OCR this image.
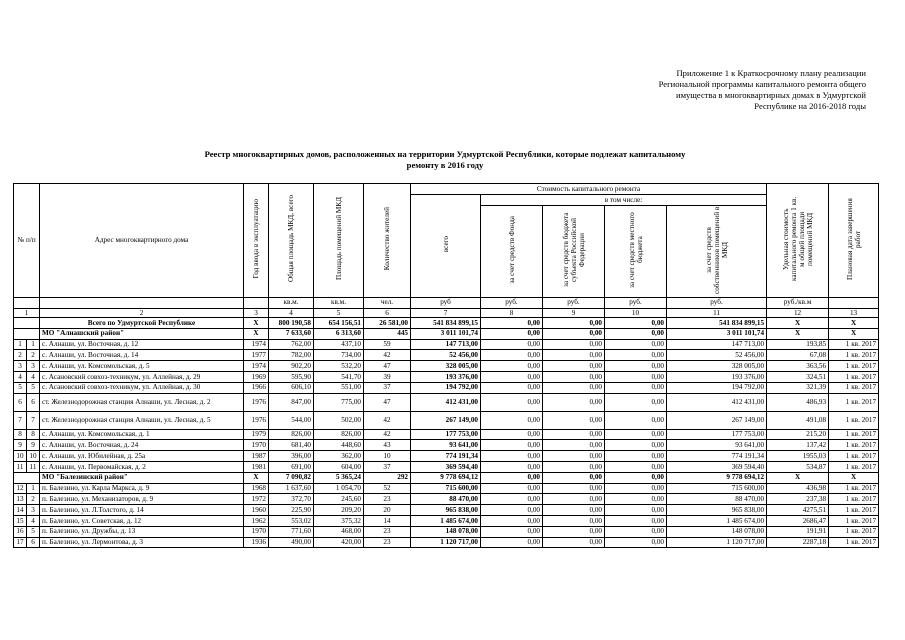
Приложение 1 к Краткосрочному плану реализации
Региональной программы капитального ремонта общего
имущества в многоквартирных домах в Удмуртской
Республике на 2016-2018 годы
Реестр многоквартирных домов, расположенных на территории Удмуртской Республики, которые подлежат капитальному
ремонту в 2016 году
№ п/п		Адрес многоквартирного дома	Год ввода в эксплуатацию	Общая площадь МКД, всего	Площадь помещений МКД	Количество жителей	Стоимость капитального ремонта					Удельная стоимость капитального ремонта 1 кв. м общей площади помещений МКД	Плановая дата завершения работ
							всего	в том числе:					
								за счет средств Фонда	за счет средств бюджета субъекта Российской Федерации	за счет средств местного бюджета	за счет средств собственников помещений в МКД		
				кв.м.	кв.м.	чел.	руб	руб.	руб.	руб.	руб.	руб./кв.м	
1		2	3	4	5	6	7	8	9	10	11	12	13
		Всего по Удмуртской Республике	Х	800 190,58	654 156,51	26 581,00	541 834 899,15	0,00	0,00	0,00	541 834 899,15	Х	Х
		МО "Алнашский район"	Х	7 633,60	6 313,60	445	3 011 101,74	0,00	0,00	0,00	3 011 101,74	Х	Х
1	1	с. Алнаши, ул. Восточная, д. 12	1974	762,00	437,10	59	147 713,00	0,00	0,00	0,00	147 713,00	193,85	1 кв. 2017
2	2	с. Алнаши, ул. Восточная, д. 14	1977	782,00	734,00	42	52 456,00	0,00	0,00	0,00	52 456,00	67,08	1 кв. 2017
3	3	с. Алнаши, ул. Комсомольская, д. 5	1974	902,20	532,20	47	328 005,00	0,00	0,00	0,00	328 005,00	363,56	1 кв. 2017
4	4	с. Асановский совхоз-техникум, ул. Аллейная, д. 29	1969	595,90	541,70	39	193 376,00	0,00	0,00	0,00	193 376,00	324,51	1 кв. 2017
5	5	с. Асановский совхоз-техникум, ул. Аллейная, д. 30	1966	606,10	551,00	37	194 792,00	0,00	0,00	0,00	194 792,00	321,39	1 кв. 2017
6	6	ст. Железнодорожная станция Алнаши, ул. Лесная, д. 2	1976	847,00	775,00	47	412 431,00	0,00	0,00	0,00	412 431,00	486,93	1 кв. 2017
7	7	ст. Железнодорожная станция Алнаши, ул. Лесная, д. 5	1976	544,00	502,00	42	267 149,00	0,00	0,00	0,00	267 149,00	491,08	1 кв. 2017
8	8	с. Алнаши, ул. Комсомольская, д. 1	1979	826,00	826,00	42	177 753,00	0,00	0,00	0,00	177 753,00	215,20	1 кв. 2017
9	9	с. Алнаши, ул. Восточная, д. 24	1970	681,40	448,60	43	93 641,00	0,00	0,00	0,00	93 641,00	137,42	1 кв. 2017
10	10	с. Алнаши, ул. Юбилейная, д. 25а	1987	396,00	362,00	10	774 191,34	0,00	0,00	0,00	774 191,34	1955,03	1 кв. 2017
11	11	с. Алнаши, ул. Первомайская, д. 2	1981	691,00	604,00	37	369 594,40	0,00	0,00	0,00	369 594,40	534,87	1 кв. 2017
		МО "Балезинский район"	Х	7 090,82	5 365,24	292	9 778 694,12	0,00	0,00	0,00	9 778 694,12	Х	Х
12	1	п. Балезино, ул. Карла Маркса, д. 9	1968	1 637,60	1 054,70	52	715 600,00	0,00	0,00	0,00	715 600,00	436,98	1 кв. 2017
13	2	п. Балезино, ул. Механизаторов, д. 9	1972	372,70	245,60	23	88 470,00	0,00	0,00	0,00	88 470,00	237,38	1 кв. 2017
14	3	п. Балезино, ул. Л.Толстого, д. 14	1960	225,90	209,20	20	965 838,00	0,00	0,00	0,00	965 838,00	4275,51	1 кв. 2017
15	4	п. Балезино, ул. Советская, д. 12	1962	553,02	375,32	14	1 485 674,00	0,00	0,00	0,00	1 485 674,00	2686,47	1 кв. 2017
16	5	п. Балезино, ул. Дружбы, д. 13	1970	771,60	468,00	23	148 078,00	0,00	0,00	0,00	148 078,00	191,91	1 кв. 2017
17	6	п. Балезино, ул. Лермонтова, д. 3	1936	490,00	420,00	23	1 120 717,00	0,00	0,00	0,00	1 120 717,00	2287,18	1 кв. 2017
